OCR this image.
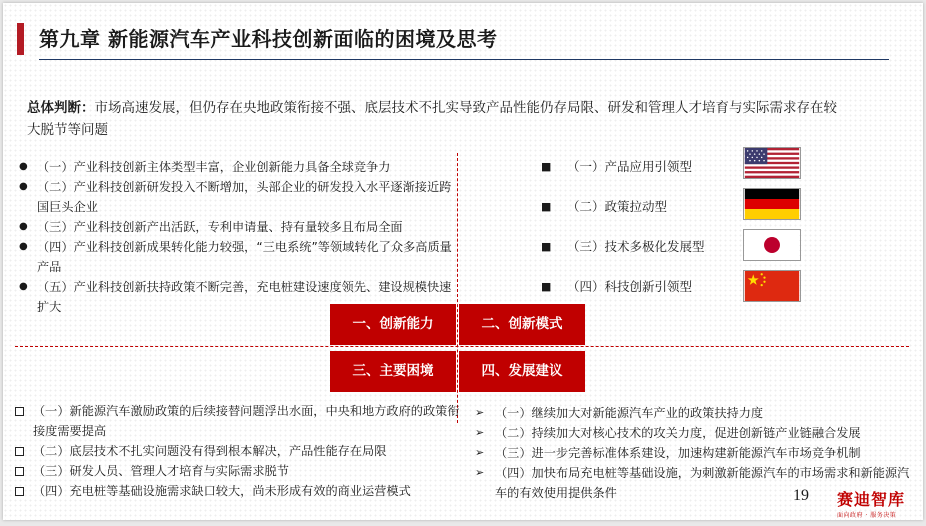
第九章 新能源汽车产业科技创新面临的困境及思考
总体判断：市场高速发展，但仍存在央地政策衔接不强、底层技术不扎实导致产品性能仍存局限、研发和管理人才培育与实际需求存在较大脱节等问题
● （一）产业科技创新主体类型丰富，企业创新能力具备全球竞争力
● （二）产业科技创新研发投入不断增加，头部企业的研发投入水平逐渐接近跨国巨头企业
● （三）产业科技创新产出活跃，专利申请量、持有量较多且布局全面
● （四）产业科技创新成果转化能力较强，“三电系统”等领域转化了众多高质量产品
● （五）产业科技创新扶持政策不断完善，充电桩建设速度领先、建设规模快速扩大
■ （一）产品应用引领型
■ （二）政策拉动型
■ （三）技术多极化发展型
■ （四）科技创新引领型
一、创新能力	二、创新模式
三、主要困境	四、发展建议
（一）新能源汽车激励政策的后续接替问题浮出水面，中央和地方政府的政策衔接度需要提高
（二）底层技术不扎实问题没有得到根本解决，产品性能存在局限
（三）研发人员、管理人才培育与实际需求脱节
（四）充电桩等基础设施需求缺口较大，尚未形成有效的商业运营模式
➢ （一）继续加大对新能源汽车产业的政策扶持力度
➢ （二）持续加大对核心技术的攻关力度，促进创新链产业链融合发展
➢ （三）进一步完善标准体系建设，加速构建新能源汽车市场竞争机制
➢ （四）加快布局充电桩等基础设施，为刺激新能源汽车的市场需求和新能源汽车的有效使用提供条件	19 赛迪智库
面向政府 · 服务决策
